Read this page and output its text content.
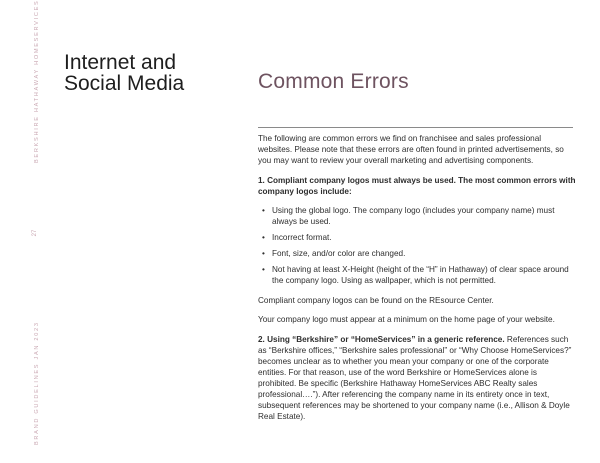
BERKSHIRE HATHAWAY HOMESERVICES
27
BRAND GUIDELINES JAN 2023
Internet and
Social Media	Common Errors

The following are common errors we find on franchisee and sales professional websites. Please note that these errors are often found in printed advertisements, so you may want to review your overall marketing and advertising components.

1. Compliant company logos must always be used. The most common errors with company logos include:

• Using the global logo. The company logo (includes your company name) must always be used.
• Incorrect format.
• Font, size, and/or color are changed.
• Not having at least X-Height (height of the “H” in Hathaway) of clear space around the company logo. Using as wallpaper, which is not permitted.

Compliant company logos can be found on the REsource Center.

Your company logo must appear at a minimum on the home page of your website.

2. Using “Berkshire” or “HomeServices” in a generic reference. References such as “Berkshire offices,” “Berkshire sales professional” or “Why Choose HomeServices?” becomes unclear as to whether you mean your company or one of the corporate entities. For that reason, use of the word Berkshire or HomeServices alone is prohibited. Be specific (Berkshire Hathaway HomeServices ABC Realty sales professional….”). After referencing the company name in its entirety once in text, subsequent references may be shortened to your company name (i.e., Allison & Doyle Real Estate).
